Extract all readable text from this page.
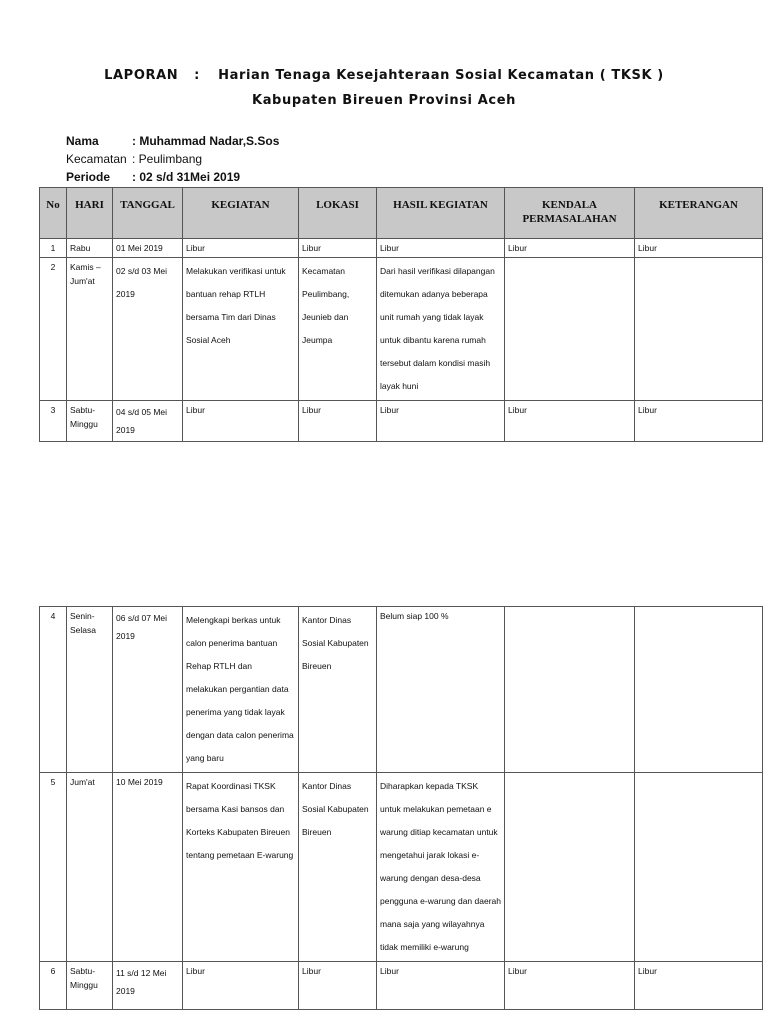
LAPORAN : Harian Tenaga Kesejahteraan Sosial Kecamatan ( TKSK )
Kabupaten Bireuen Provinsi Aceh
Nama	: Muhammad Nadar,S.Sos
Kecamatan : Peulimbang
Periode : 02 s/d 31Mei 2019
No	HARI	TANGGAL	KEGIATAN	LOKASI	HASIL KEGIATAN	KENDALA PERMASALAHAN	KETERANGAN
1	Rabu	01 Mei 2019	Libur	Libur	Libur	Libur	Libur
2	Kamis – Jum'at	02 s/d 03 Mei 2019	Melakukan verifikasi untuk bantuan rehap RTLH bersama Tim dari Dinas Sosial Aceh	Kecamatan Peulimbang, Jeunieb dan Jeumpa	Dari hasil verifikasi dilapangan ditemukan adanya beberapa unit rumah yang tidak layak untuk dibantu karena rumah tersebut dalam kondisi masih layak huni		
3	Sabtu-Minggu	04 s/d 05 Mei 2019	Libur	Libur	Libur	Libur	Libur
4	Senin-Selasa	06 s/d 07 Mei 2019	Melengkapi berkas untuk calon penerima bantuan Rehap RTLH dan melakukan pergantian data penerima yang tidak layak dengan data calon penerima yang baru	Kantor Dinas Sosial Kabupaten Bireuen	Belum siap 100 %		
5	Jum'at	10 Mei 2019	Rapat Koordinasi TKSK bersama Kasi bansos dan Korteks Kabupaten Bireuen tentang pemetaan E-warung	Kantor Dinas Sosial Kabupaten Bireuen	Diharapkan kepada TKSK untuk melakukan pemetaan e warung ditiap kecamatan untuk mengetahui jarak lokasi e-warung dengan desa-desa pengguna e-warung dan daerah mana saja yang wilayahnya tidak memiliki e-warung		
6	Sabtu-Minggu	11 s/d 12 Mei 2019	Libur	Libur	Libur	Libur	Libur
